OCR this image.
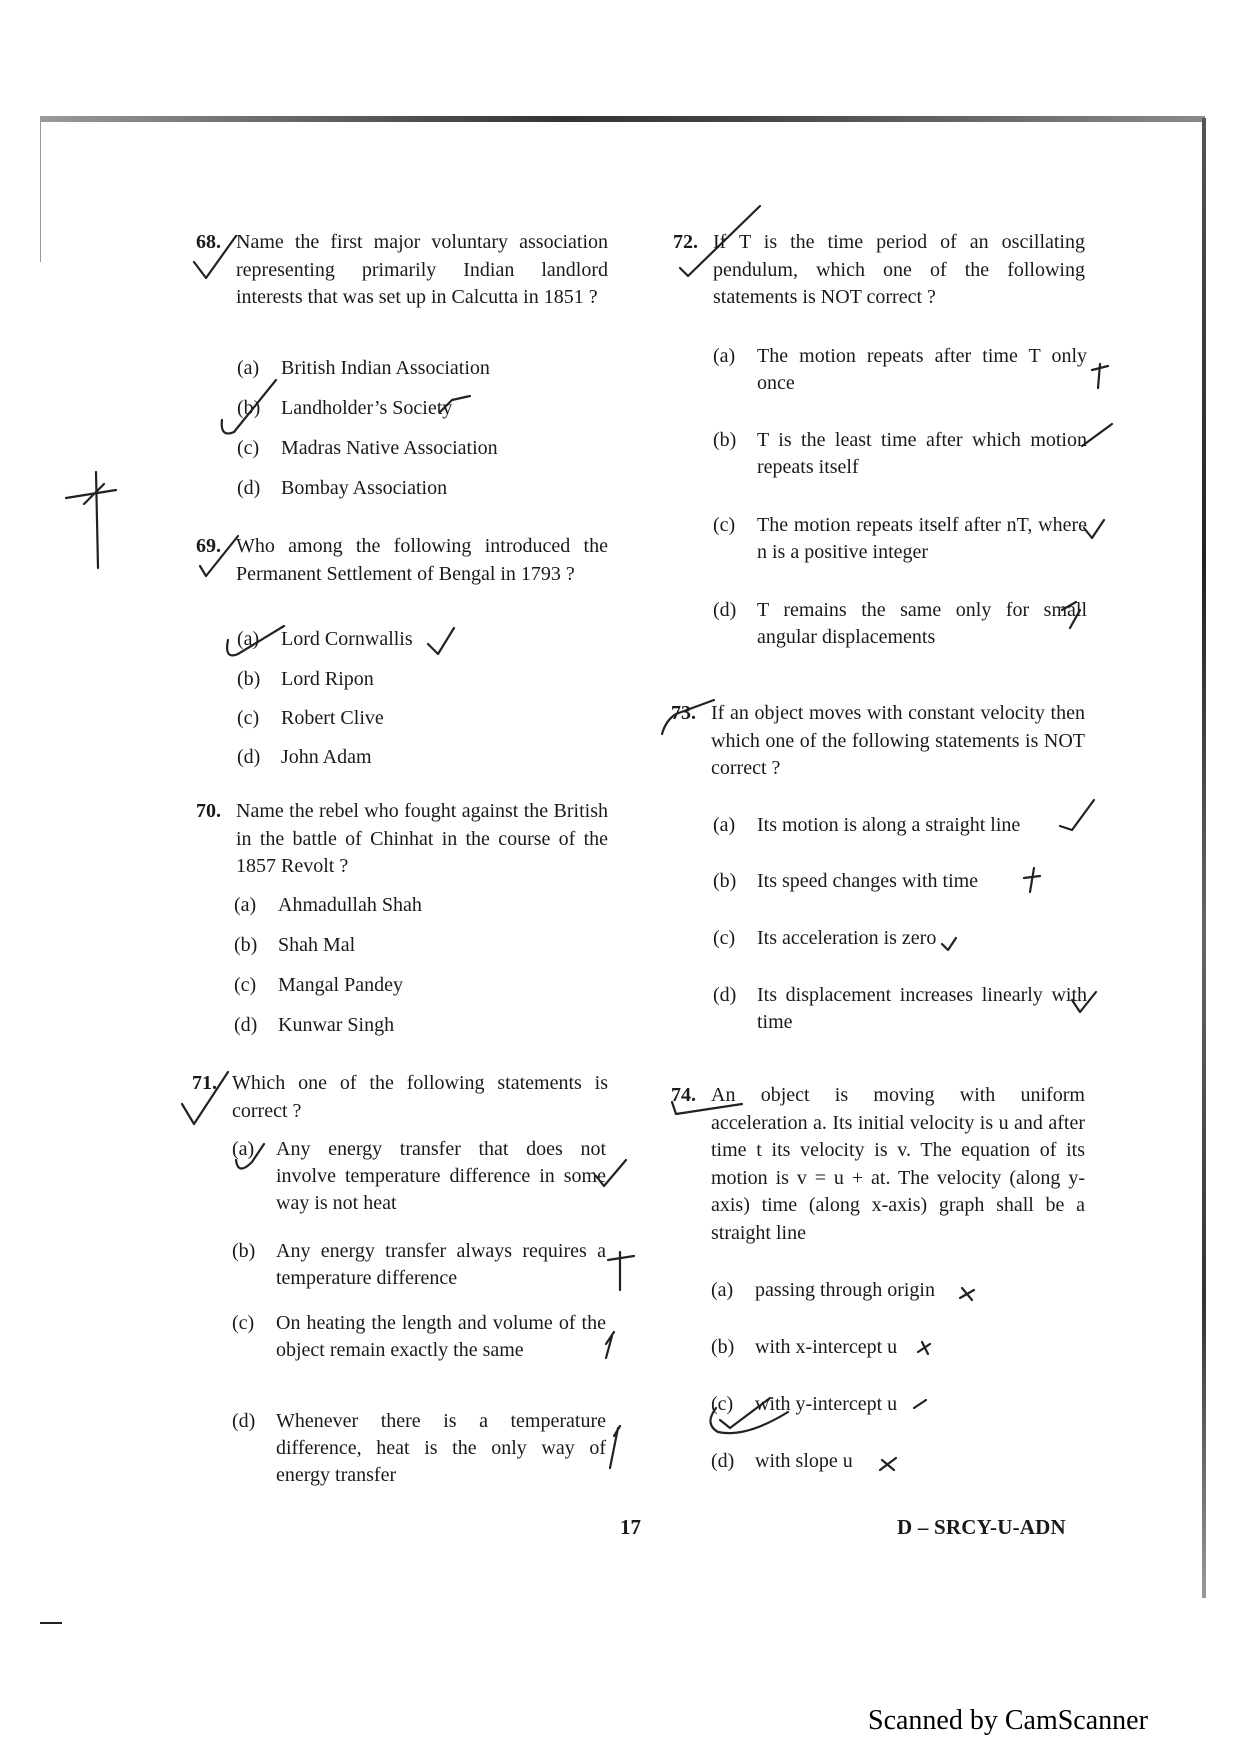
68. Name the first major voluntary association representing primarily Indian landlord interests that was set up in Calcutta in 1851 ?
(a) British Indian Association
(b) Landholder’s Society
(c) Madras Native Association
(d) Bombay Association
69. Who among the following introduced the Permanent Settlement of Bengal in 1793 ?
(a) Lord Cornwallis
(b) Lord Ripon
(c) Robert Clive
(d) John Adam
70. Name the rebel who fought against the British in the battle of Chinhat in the course of the 1857 Revolt ?
(a) Ahmadullah Shah
(b) Shah Mal
(c) Mangal Pandey
(d) Kunwar Singh
71. Which one of the following statements is correct ?
(a) Any energy transfer that does not involve temperature difference in some way is not heat
(b) Any energy transfer always requires a temperature difference
(c) On heating the length and volume of the object remain exactly the same
(d) Whenever there is a temperature difference, heat is the only way of energy transfer
72. If T is the time period of an oscillating pendulum, which one of the following statements is NOT correct ?
(a) The motion repeats after time T only once
(b) T is the least time after which motion repeats itself
(c) The motion repeats itself after nT, where n is a positive integer
(d) T remains the same only for small angular displacements
73. If an object moves with constant velocity then which one of the following statements is NOT correct ?
(a) Its motion is along a straight line
(b) Its speed changes with time
(c) Its acceleration is zero
(d) Its displacement increases linearly with time
74. An object is moving with uniform acceleration a. Its initial velocity is u and after time t its velocity is v. The equation of its motion is v = u + at. The velocity (along y-axis) time (along x-axis) graph shall be a straight line
(a) passing through origin
(b) with x-intercept u
(c) with y-intercept u
(d) with slope u
17	D – SRCY-U-ADN
Scanned by CamScanner
